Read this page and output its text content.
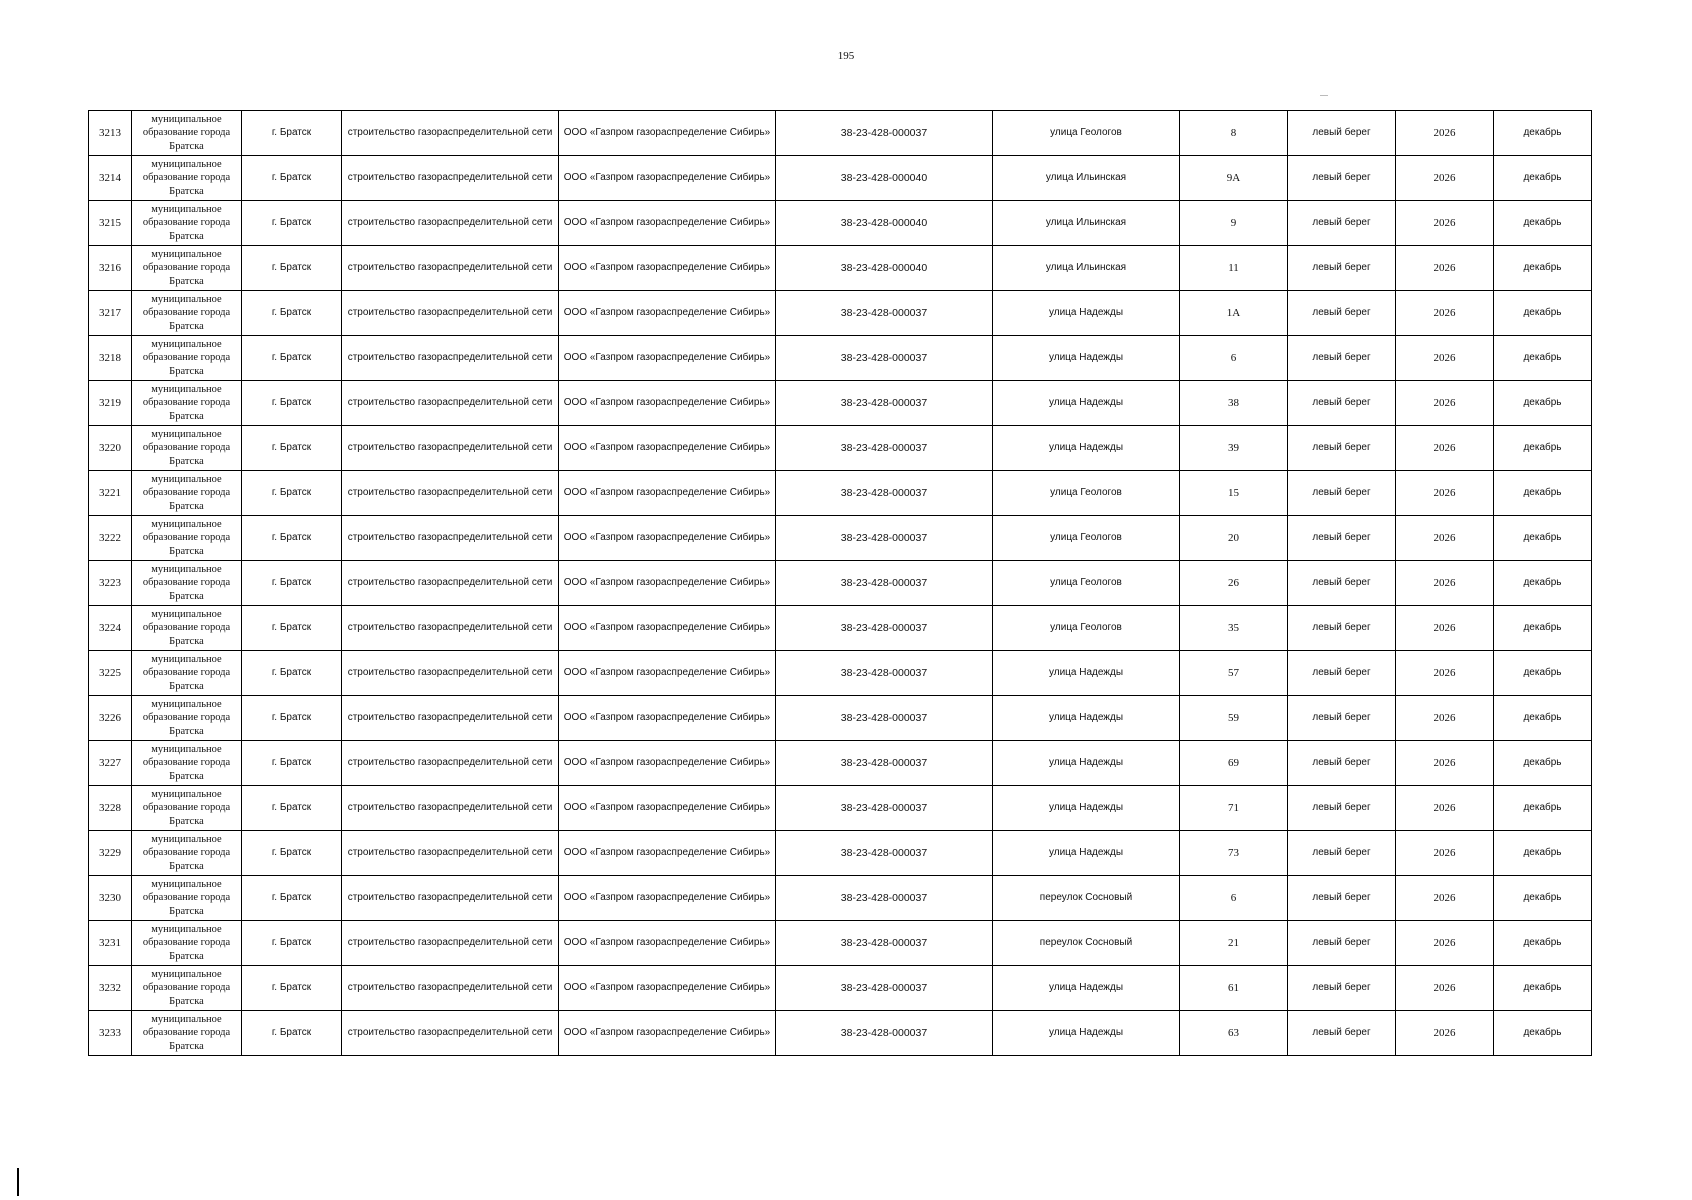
195
3213	муниципальное образование города Братска	г. Братск	строительство газораспределительной сети	ООО «Газпром газораспределение Сибирь»	38-23-428-000037	улица Геологов	8	левый берег	2026	декабрь
3214	муниципальное образование города Братска	г. Братск	строительство газораспределительной сети	ООО «Газпром газораспределение Сибирь»	38-23-428-000040	улица Ильинская	9А	левый берег	2026	декабрь
3215	муниципальное образование города Братска	г. Братск	строительство газораспределительной сети	ООО «Газпром газораспределение Сибирь»	38-23-428-000040	улица Ильинская	9	левый берег	2026	декабрь
3216	муниципальное образование города Братска	г. Братск	строительство газораспределительной сети	ООО «Газпром газораспределение Сибирь»	38-23-428-000040	улица Ильинская	11	левый берег	2026	декабрь
3217	муниципальное образование города Братска	г. Братск	строительство газораспределительной сети	ООО «Газпром газораспределение Сибирь»	38-23-428-000037	улица Надежды	1А	левый берег	2026	декабрь
3218	муниципальное образование города Братска	г. Братск	строительство газораспределительной сети	ООО «Газпром газораспределение Сибирь»	38-23-428-000037	улица Надежды	6	левый берег	2026	декабрь
3219	муниципальное образование города Братска	г. Братск	строительство газораспределительной сети	ООО «Газпром газораспределение Сибирь»	38-23-428-000037	улица Надежды	38	левый берег	2026	декабрь
3220	муниципальное образование города Братска	г. Братск	строительство газораспределительной сети	ООО «Газпром газораспределение Сибирь»	38-23-428-000037	улица Надежды	39	левый берег	2026	декабрь
3221	муниципальное образование города Братска	г. Братск	строительство газораспределительной сети	ООО «Газпром газораспределение Сибирь»	38-23-428-000037	улица Геологов	15	левый берег	2026	декабрь
3222	муниципальное образование города Братска	г. Братск	строительство газораспределительной сети	ООО «Газпром газораспределение Сибирь»	38-23-428-000037	улица Геологов	20	левый берег	2026	декабрь
3223	муниципальное образование города Братска	г. Братск	строительство газораспределительной сети	ООО «Газпром газораспределение Сибирь»	38-23-428-000037	улица Геологов	26	левый берег	2026	декабрь
3224	муниципальное образование города Братска	г. Братск	строительство газораспределительной сети	ООО «Газпром газораспределение Сибирь»	38-23-428-000037	улица Геологов	35	левый берег	2026	декабрь
3225	муниципальное образование города Братска	г. Братск	строительство газораспределительной сети	ООО «Газпром газораспределение Сибирь»	38-23-428-000037	улица Надежды	57	левый берег	2026	декабрь
3226	муниципальное образование города Братска	г. Братск	строительство газораспределительной сети	ООО «Газпром газораспределение Сибирь»	38-23-428-000037	улица Надежды	59	левый берег	2026	декабрь
3227	муниципальное образование города Братска	г. Братск	строительство газораспределительной сети	ООО «Газпром газораспределение Сибирь»	38-23-428-000037	улица Надежды	69	левый берег	2026	декабрь
3228	муниципальное образование города Братска	г. Братск	строительство газораспределительной сети	ООО «Газпром газораспределение Сибирь»	38-23-428-000037	улица Надежды	71	левый берег	2026	декабрь
3229	муниципальное образование города Братска	г. Братск	строительство газораспределительной сети	ООО «Газпром газораспределение Сибирь»	38-23-428-000037	улица Надежды	73	левый берег	2026	декабрь
3230	муниципальное образование города Братска	г. Братск	строительство газораспределительной сети	ООО «Газпром газораспределение Сибирь»	38-23-428-000037	переулок Сосновый	6	левый берег	2026	декабрь
3231	муниципальное образование города Братска	г. Братск	строительство газораспределительной сети	ООО «Газпром газораспределение Сибирь»	38-23-428-000037	переулок Сосновый	21	левый берег	2026	декабрь
3232	муниципальное образование города Братска	г. Братск	строительство газораспределительной сети	ООО «Газпром газораспределение Сибирь»	38-23-428-000037	улица Надежды	61	левый берег	2026	декабрь
3233	муниципальное образование города Братска	г. Братск	строительство газораспределительной сети	ООО «Газпром газораспределение Сибирь»	38-23-428-000037	улица Надежды	63	левый берег	2026	декабрь
